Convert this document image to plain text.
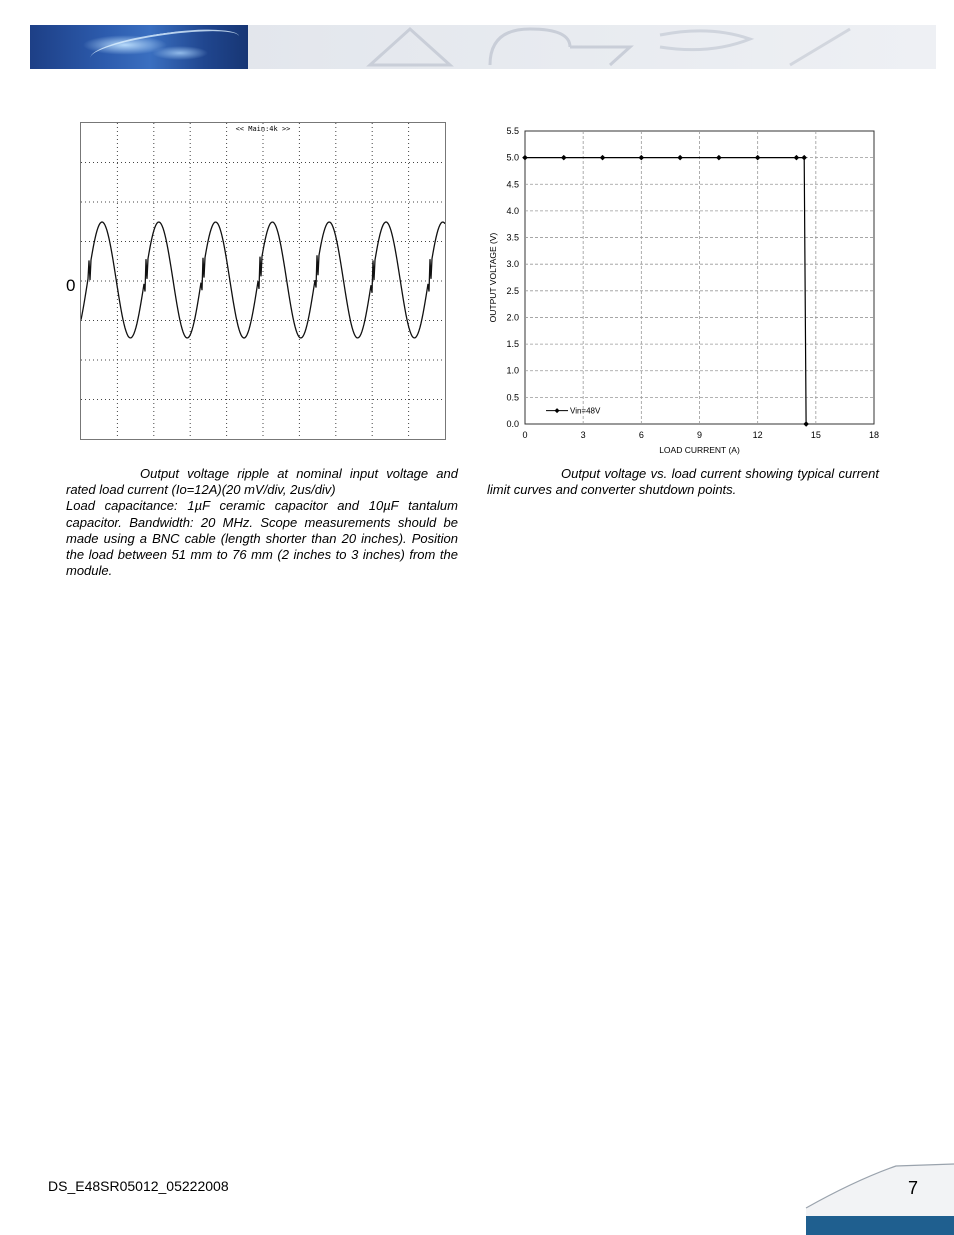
<< Main:4k >>
0
0	3	6	9	12	15	18
0.0
0.5
1.0
1.5
2.0
2.5
3.0
3.5
4.0
4.5
5.0
5.5
LOAD CURRENT (A)
OUTPUT VOLTAGE (V)
Vin=48V
Output voltage ripple at nominal input voltage and rated load current (Io=12A)(20 mV/div, 2us/div)
Load capacitance: 1µF ceramic capacitor and 10µF tantalum capacitor. Bandwidth: 20 MHz. Scope measurements should be made using a BNC cable (length shorter than 20 inches). Position the load between 51 mm to 76 mm (2 inches to 3 inches) from the module.
Output voltage vs. load current showing typical current limit curves and converter shutdown points.
DS_E48SR05012_05222008	7
